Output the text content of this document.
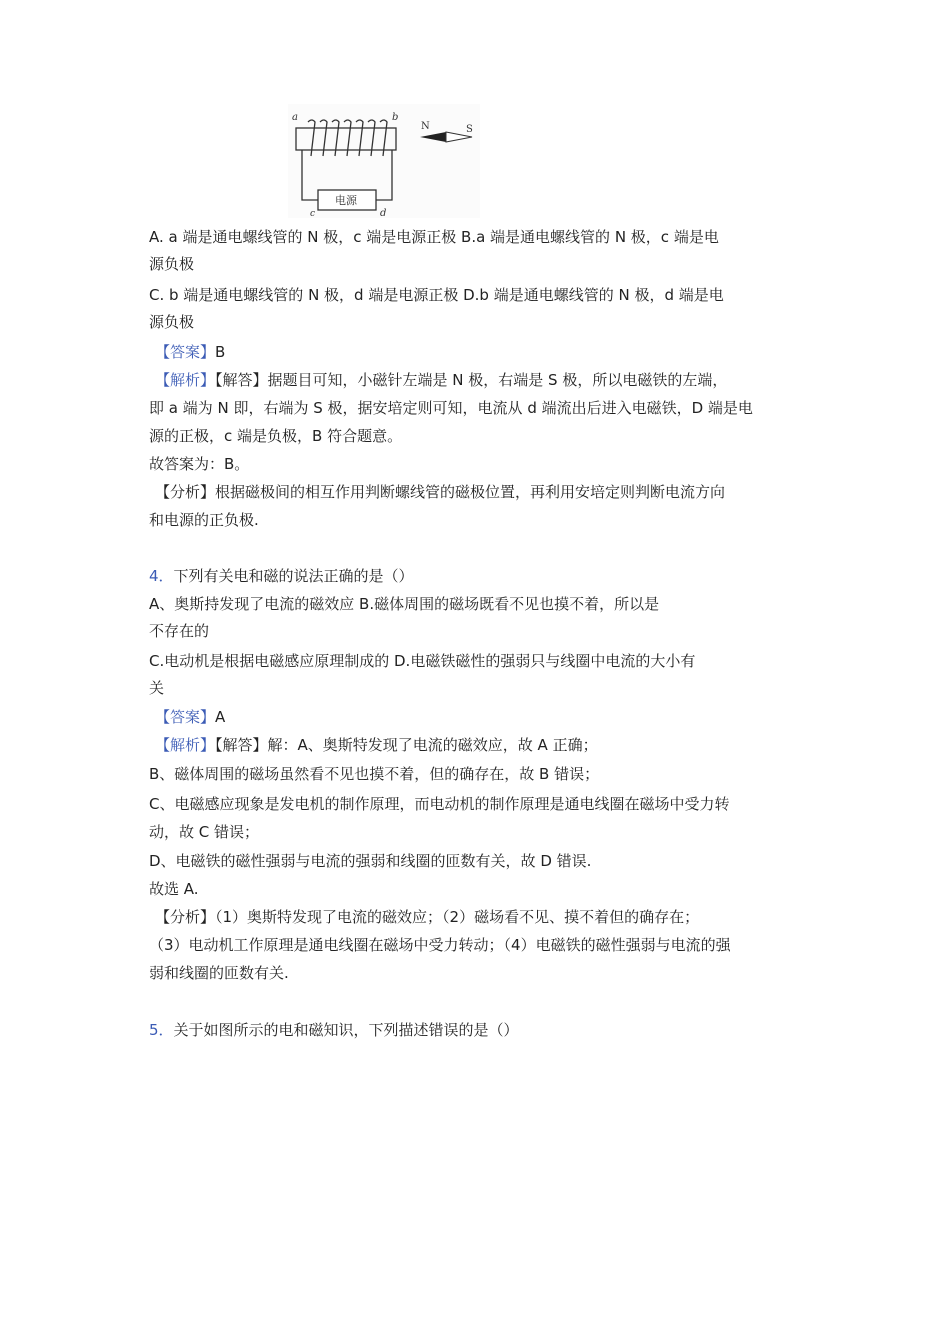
电源
a	b
c	d
N	S
A. a 端是通电螺线管的 N 极，c 端是电源正极 B.a 端是通电螺线管的 N 极，c 端是电
源负极
C. b 端是通电螺线管的 N 极，d 端是电源正极 D.b 端是通电螺线管的 N 极，d 端是电
源负极
【答案】B
【解析】【解答】据题目可知，小磁针左端是 N 极，右端是 S 极，所以电磁铁的左端，
即 a 端为 N 即，右端为 S 极，据安培定则可知，电流从 d 端流出后进入电磁铁，D 端是电
源的正极，c 端是负极，B 符合题意。
故答案为：B。
【分析】根据磁极间的相互作用判断螺线管的磁极位置，再利用安培定则判断电流方向
和电源的正负极.
4．下列有关电和磁的说法正确的是（）
A、奥斯持发现了电流的磁效应 B.磁体周围的磁场既看不见也摸不着，所以是
不存在的
C.电动机是根据电磁感应原理制成的 D.电磁铁磁性的强弱只与线圈中电流的大小有
关
【答案】A
【解析】【解答】解：A、奥斯特发现了电流的磁效应，故 A 正确；
B、磁体周围的磁场虽然看不见也摸不着，但的确存在，故 B 错误；
C、电磁感应现象是发电机的制作原理，而电动机的制作原理是通电线圈在磁场中受力转
动，故 C 错误；
D、电磁铁的磁性强弱与电流的强弱和线圈的匝数有关，故 D 错误.
故选 A.
【分析】（1）奥斯特发现了电流的磁效应；（2）磁场看不见、摸不着但的确存在；
（3）电动机工作原理是通电线圈在磁场中受力转动；（4）电磁铁的磁性强弱与电流的强
弱和线圈的匝数有关.
5．关于如图所示的电和磁知识，下列描述错误的是（）
